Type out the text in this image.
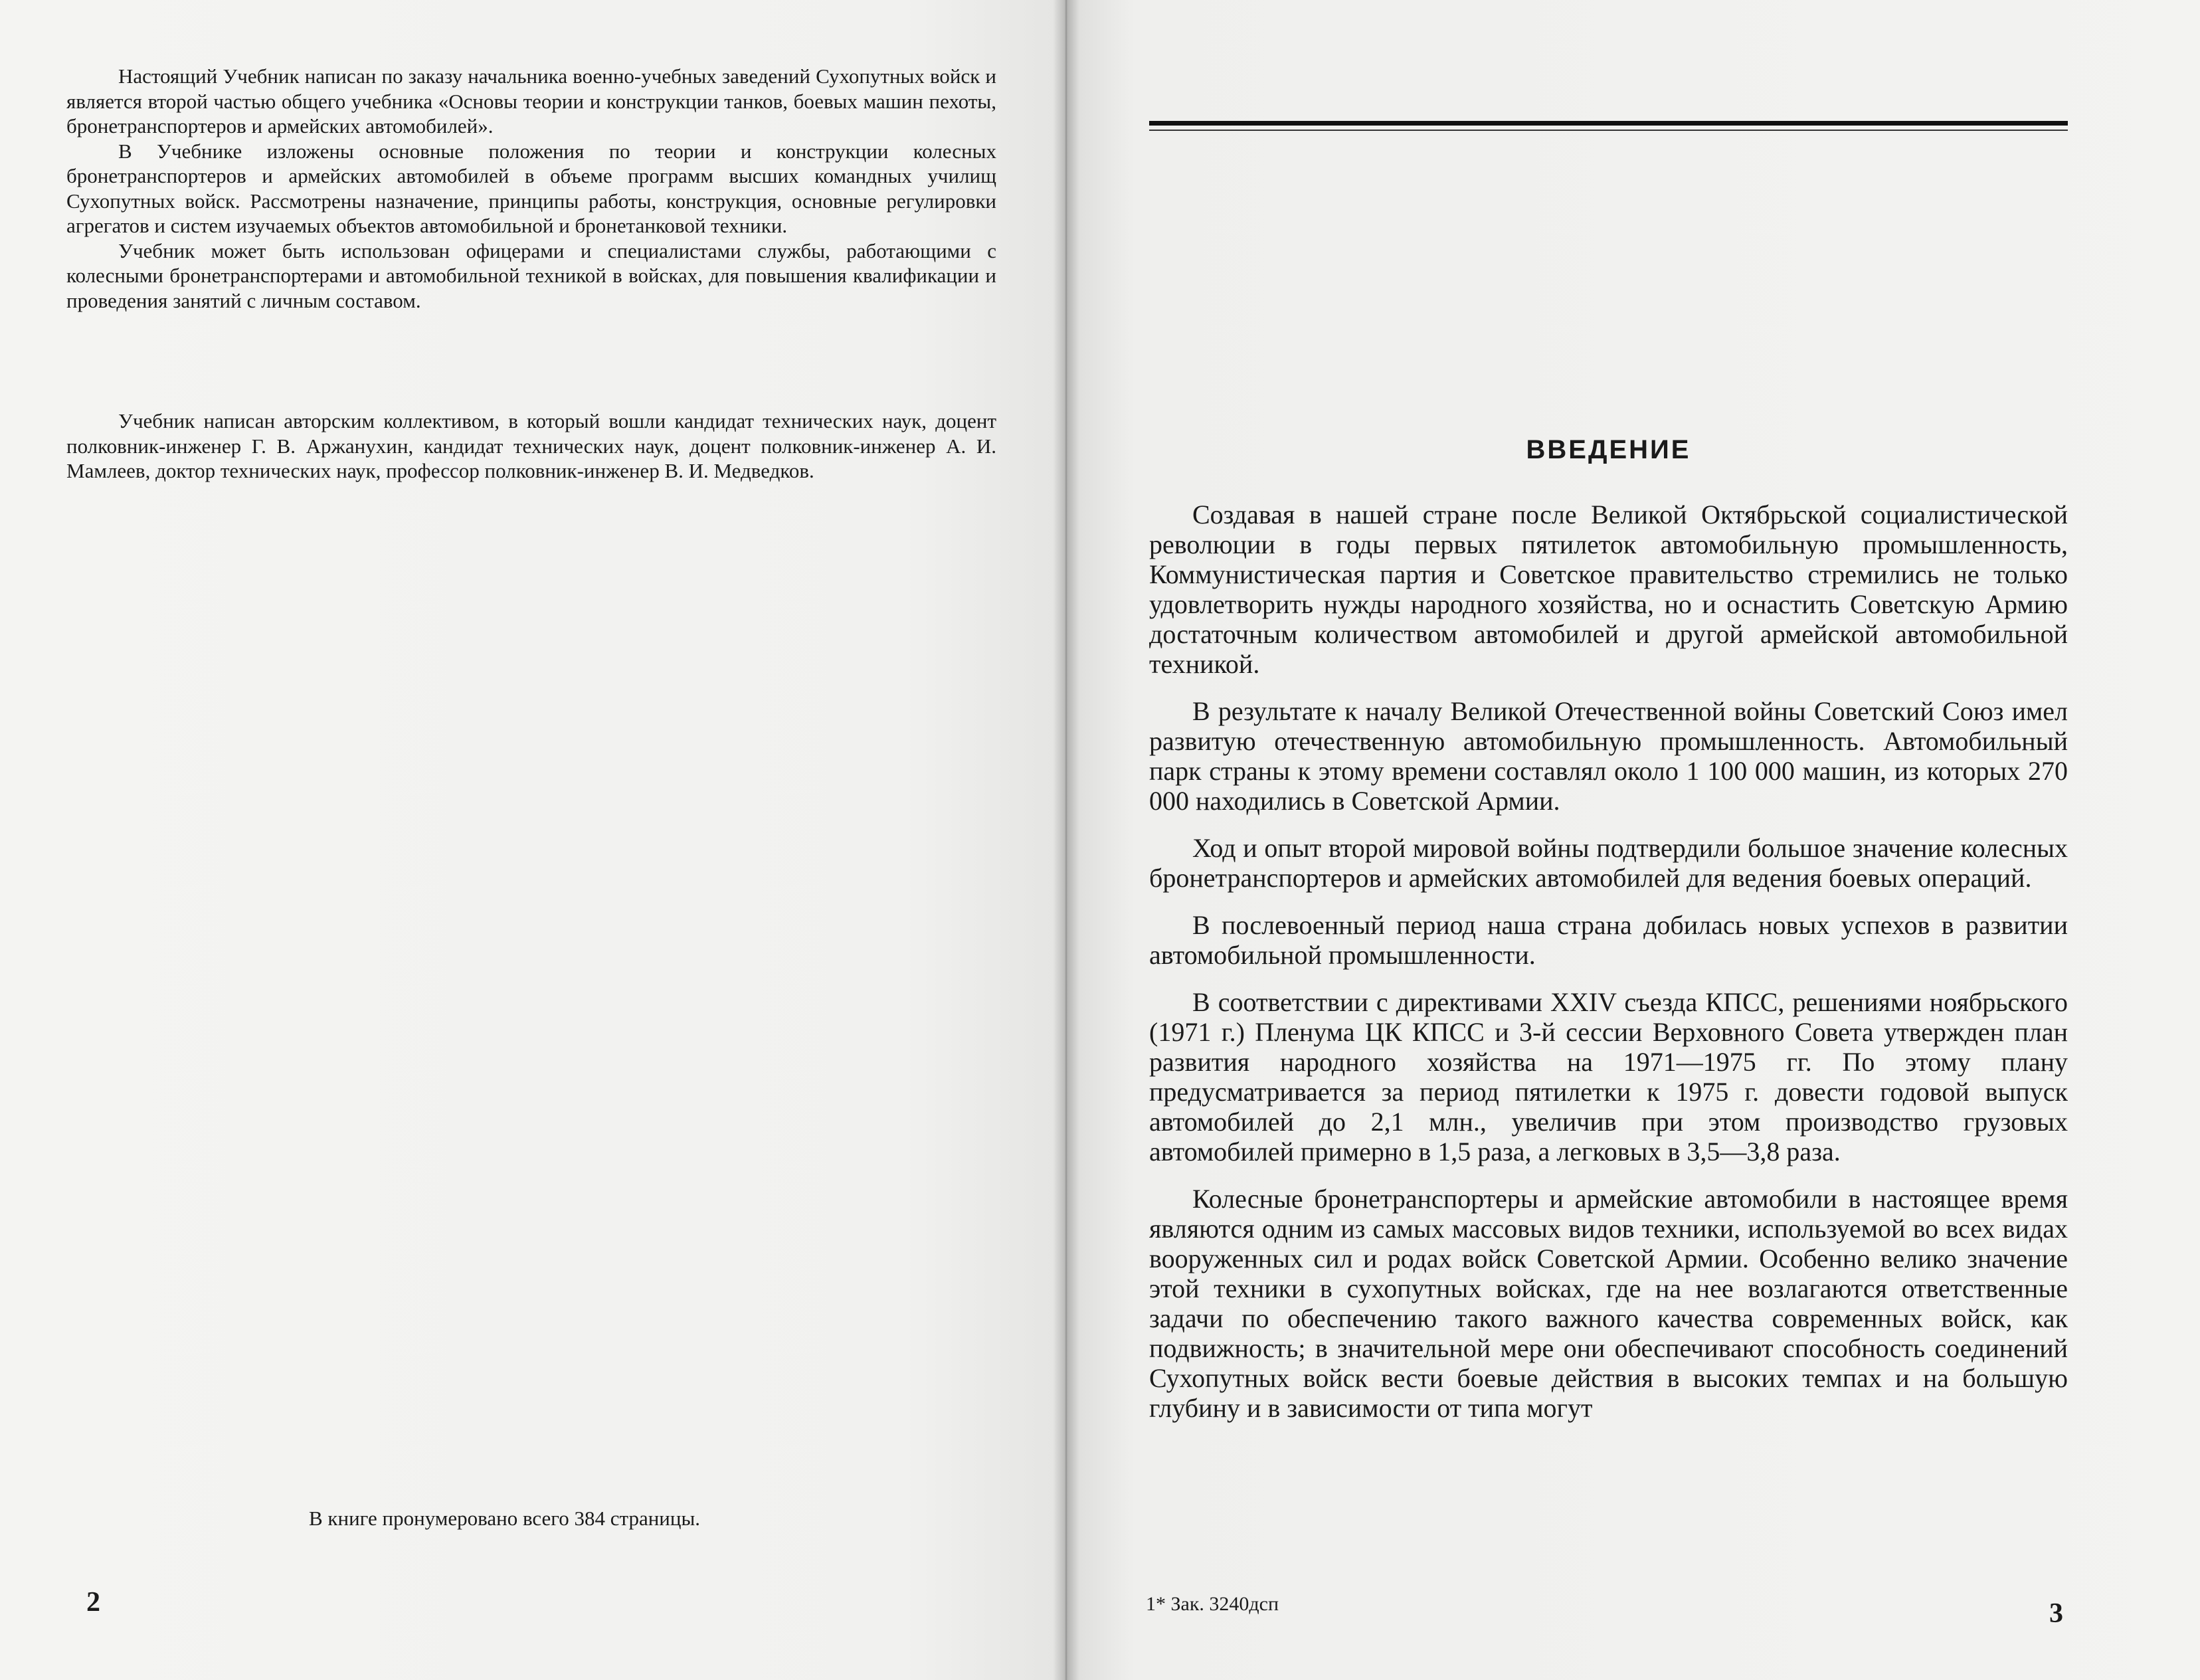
Настоящий Учебник написан по заказу начальника военно-учебных заведений Сухопутных войск и является второй частью общего учебника «Основы теории и конструкции танков, боевых машин пехоты, бронетранспортеров и армейских автомобилей».

В Учебнике изложены основные положения по теории и конструкции колесных бронетранспортеров и армейских автомобилей в объеме программ высших командных училищ Сухопутных войск. Рассмотрены назначение, принципы работы, конструкция, основные регулировки агрегатов и систем изучаемых объектов автомобильной и бронетанковой техники.

Учебник может быть использован офицерами и специалистами службы, работающими с колесными бронетранспортерами и автомобильной техникой в войсках, для повышения квалификации и проведения занятий с личным составом.

Учебник написан авторским коллективом, в который вошли кандидат технических наук, доцент полковник-инженер Г. В. Аржанухин, кандидат технических наук, доцент полковник-инженер А. И. Мамлеев, доктор технических наук, профессор полковник-инженер В. И. Медведков.

В книге пронумеровано всего 384 страницы.
2
ВВЕДЕНИЕ

Создавая в нашей стране после Великой Октябрьской социалистической революции в годы первых пятилеток автомобильную промышленность, Коммунистическая партия и Советское правительство стремились не только удовлетворить нужды народного хозяйства, но и оснастить Советскую Армию достаточным количеством автомобилей и другой армейской автомобильной техникой.

В результате к началу Великой Отечественной войны Советский Союз имел развитую отечественную автомобильную промышленность. Автомобильный парк страны к этому времени составлял около 1 100 000 машин, из которых 270 000 находились в Советской Армии.

Ход и опыт второй мировой войны подтвердили большое значение колесных бронетранспортеров и армейских автомобилей для ведения боевых операций.

В послевоенный период наша страна добилась новых успехов в развитии автомобильной промышленности.

В соответствии с директивами XXIV съезда КПСС, решениями ноябрьского (1971 г.) Пленума ЦК КПСС и 3-й сессии Верховного Совета утвержден план развития народного хозяйства на 1971—1975 гг. По этому плану предусматривается за период пятилетки к 1975 г. довести годовой выпуск автомобилей до 2,1 млн., увеличив при этом производство грузовых автомобилей примерно в 1,5 раза, а легковых в 3,5—3,8 раза.

Колесные бронетранспортеры и армейские автомобили в настоящее время являются одним из самых массовых видов техники, используемой во всех видах вооруженных сил и родах войск Советской Армии. Особенно велико значение этой техники в сухопутных войсках, где на нее возлагаются ответственные задачи по обеспечению такого важного качества современных войск, как подвижность; в значительной мере они обеспечивают способность соединений Сухопутных войск вести боевые действия в высоких темпах и на большую глубину и в зависимости от типа могут

1* Зак. 3240дсп	3
